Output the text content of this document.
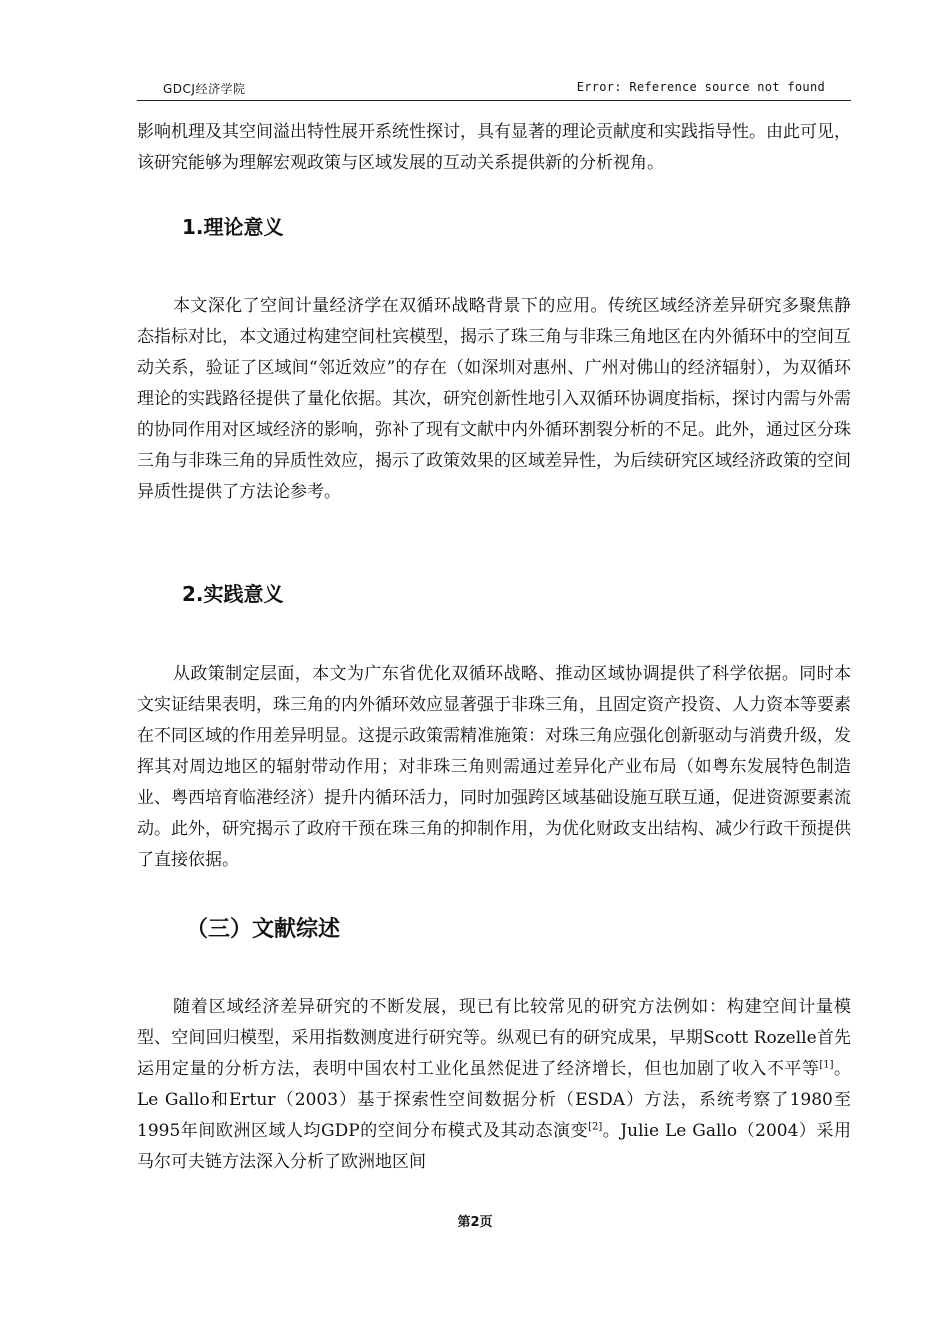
GDCJ经济学院	Error: Reference source not found

影响机理及其空间溢出特性展开系统性探讨，具有显著的理论贡献度和实践指导性。由此可见，该研究能够为理解宏观政策与区域发展的互动关系提供新的分析视角。

1.理论意义

本文深化了空间计量经济学在双循环战略背景下的应用。传统区域经济差异研究多聚焦静态指标对比，本文通过构建空间杜宾模型，揭示了珠三角与非珠三角地区在内外循环中的空间互动关系，验证了区域间“邻近效应”的存在（如深圳对惠州、广州对佛山的经济辐射），为双循环理论的实践路径提供了量化依据。其次，研究创新性地引入双循环协调度指标，探讨内需与外需的协同作用对区域经济的影响，弥补了现有文献中内外循环割裂分析的不足。此外，通过区分珠三角与非珠三角的异质性效应，揭示了政策效果的区域差异性，为后续研究区域经济政策的空间异质性提供了方法论参考。

2.实践意义

从政策制定层面，本文为广东省优化双循环战略、推动区域协调提供了科学依据。同时本文实证结果表明，珠三角的内外循环效应显著强于非珠三角，且固定资产投资、人力资本等要素在不同区域的作用差异明显。这提示政策需精准施策：对珠三角应强化创新驱动与消费升级，发挥其对周边地区的辐射带动作用；对非珠三角则需通过差异化产业布局（如粤东发展特色制造业、粤西培育临港经济）提升内循环活力，同时加强跨区域基础设施互联互通，促进资源要素流动。此外，研究揭示了政府干预在珠三角的抑制作用，为优化财政支出结构、减少行政干预提供了直接依据。

（三）文献综述

随着区域经济差异研究的不断发展，现已有比较常见的研究方法例如：构建空间计量模型、空间回归模型，采用指数测度进行研究等。纵观已有的研究成果，早期Scott Rozelle首先运用定量的分析方法，表明中国农村工业化虽然促进了经济增长，但也加剧了收入不平等[1]。Le Gallo和Ertur（2003）基于探索性空间数据分析（ESDA）方法，系统考察了1980至1995年间欧洲区域人均GDP的空间分布模式及其动态演变[2]。Julie Le Gallo（2004）采用马尔可夫链方法深入分析了欧洲地区间

第2页
